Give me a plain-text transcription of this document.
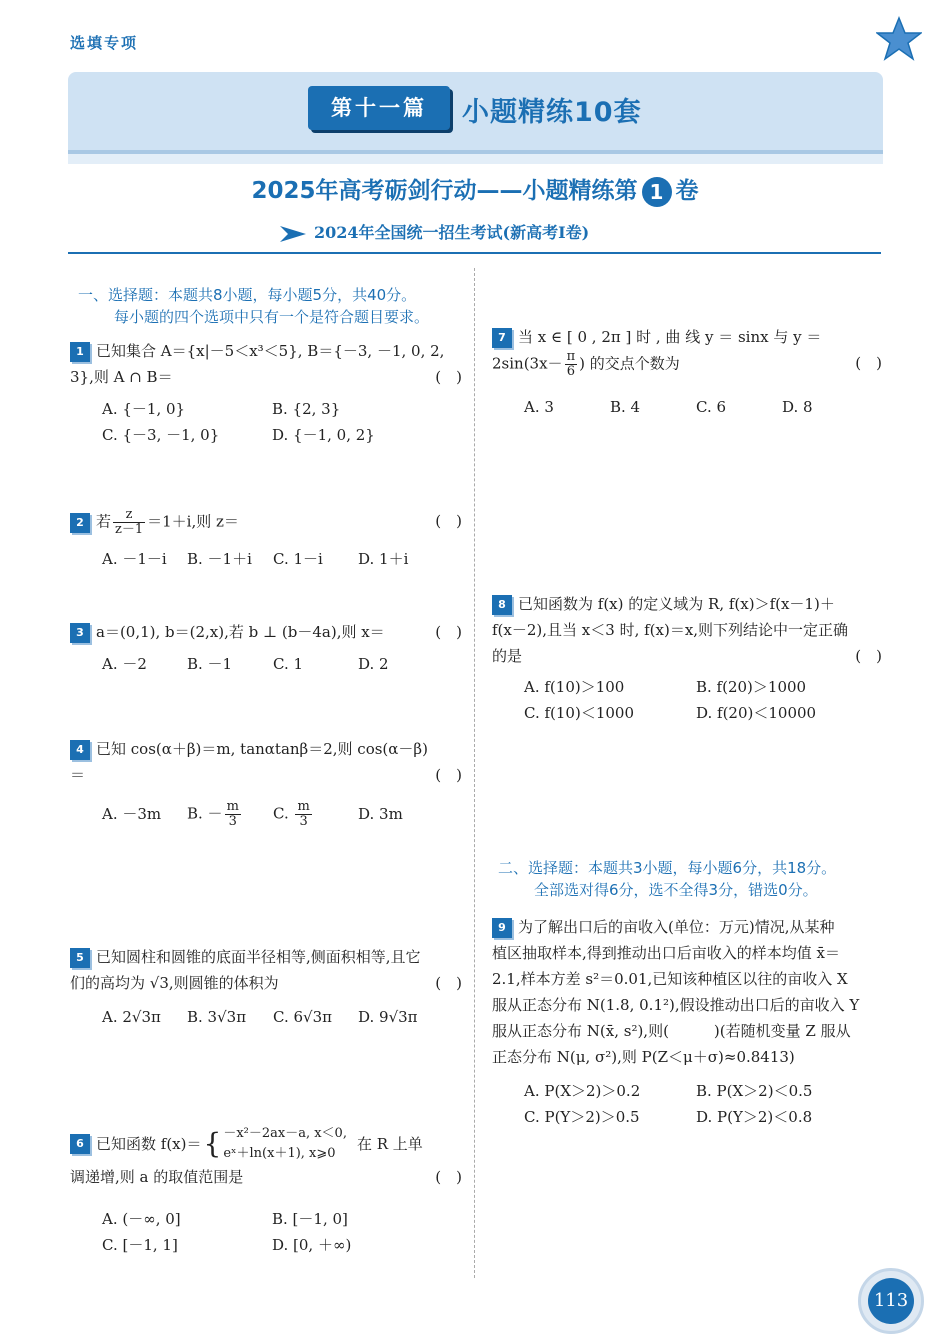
选填专项
第十一篇	小题精练10套
2025年高考砺剑行动——小题精练第 1 卷
2024年全国统一招生考试(新高考Ⅰ卷)
一、选择题：本题共8小题，每小题5分，共40分。
每小题的四个选项中只有一个是符合题目要求。
1 已知集合 A＝{x|－5＜x³＜5}, B＝{－3, －1, 0, 2,
3},则 A ∩ B＝	(　)
A. {－1, 0}	B. {2, 3}
C. {－3, －1, 0}	D. {－1, 0, 2}
2 若 $\frac{z}{z-1} =1+i$,则 z＝	(　)
A. －1－i B. －1＋i C. 1－i D. 1＋i
3 a＝(0,1), b＝(2,x),若 b ⊥ (b－4a),则 x＝	(　)
A. －2	B. －1	C. 1	D. 2
4 已知 cos(α＋β)＝m, tanαtanβ＝2,则 cos(α－β)
＝	(　)
A. －3m B. － $\frac{m}{3} C$. $\frac{m}{3}$	D. 3m
5 已知圆柱和圆锥的底面半径相等,侧面积相等,且它
们的高均为 √3,则圆锥的体积为	(　)
A. 2√3π B. 3√3π C. 6√3π D. 9√3π
6 已知函数 f(x)＝ { －x²－2ax－a, x＜0,
eˣ＋ln(x＋1), x⩾0
在 R 上单
调递增,则 a 的取值范围是	(　)
A. (－∞, 0]	B. [－1, 0]
C. [－1, 1]	D. [0, ＋∞)
7 当 x ∈ [ 0 , 2π ] 时 , 曲 线 y ＝ sinx 与 y ＝
$2\sin(3x- \frac{\pi}{6}$ ) 的交点个数为	(　)
A. 3	B. 4	C. 6	D. 8
8 已知函数为 f(x) 的定义域为 R, f(x)＞f(x－1)＋
f(x－2),且当 x＜3 时, f(x)＝x,则下列结论中一定正确
的是	(　)
A. f(10)＞100	B. f(20)＞1000
C. f(10)＜1000	D. f(20)＜10000
二、选择题：本题共3小题，每小题6分，共18分。
全部选对得6分，选不全得3分，错选0分。
9 为了解出口后的亩收入(单位：万元)情况,从某种
植区抽取样本,得到推动出口后亩收入的样本均值 x̄＝
2.1,样本方差 s²＝0.01,已知该种植区以往的亩收入 X
服从正态分布 N(1.8, 0.1²),假设推动出口后的亩收入 Y
服从正态分布 N(x̄, s²),则(　　　)(若随机变量 Z 服从
正态分布 N(μ, σ²),则 P(Z＜μ＋σ)≈0.8413)
A. P(X＞2)＞0.2	B. P(X＞2)＜0.5
C. P(Y＞2)＞0.5	D. P(Y＞2)＜0.8
113
